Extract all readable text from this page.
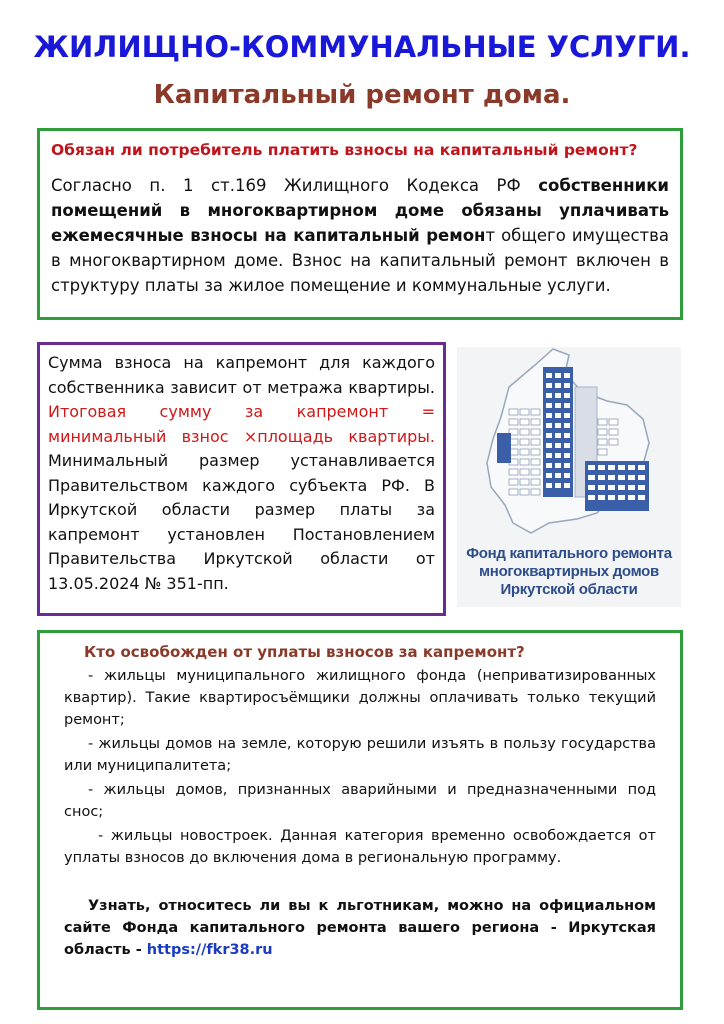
ЖИЛИЩНО-КОММУНАЛЬНЫЕ УСЛУГИ.
Капитальный ремонт дома.

Обязан ли потребитель платить взносы на капитальный ремонт?

Согласно п. 1 ст.169 Жилищного Кодекса РФ собственники помещений в многоквартирном доме обязаны уплачивать ежемесячные взносы на капитальный ремонт общего имущества в многоквартирном доме. Взнос на капитальный ремонт включен в структуру платы за жилое помещение и коммунальные услуги.

Сумма взноса на капремонт для каждого собственника зависит от метража квартиры. Итоговая сумму за капремонт = минимальный взнос ×площадь квартиры. Минимальный размер устанавливается Правительством каждого субъекта РФ. В Иркутской области размер платы за капремонт установлен Постановлением Правительства Иркутской области от 13.05.2024 № 351-пп.

Фонд капитального ремонта
многоквартирных домов
Иркутской области

Кто освобожден от уплаты взносов за капремонт?

- жильцы муниципального жилищного фонда (неприватизированных квартир). Такие квартиросъёмщики должны оплачивать только текущий ремонт;

- жильцы домов на земле, которую решили изъять в пользу государства или муниципалитета;

- жильцы домов, признанных аварийными и предназначенными под снос;

- жильцы новостроек. Данная категория временно освобождается от уплаты взносов до включения дома в региональную программу.

Узнать, относитесь ли вы к льготникам, можно на официальном сайте Фонда капитального ремонта вашего региона - Иркутская область - https://fkr38.ru
